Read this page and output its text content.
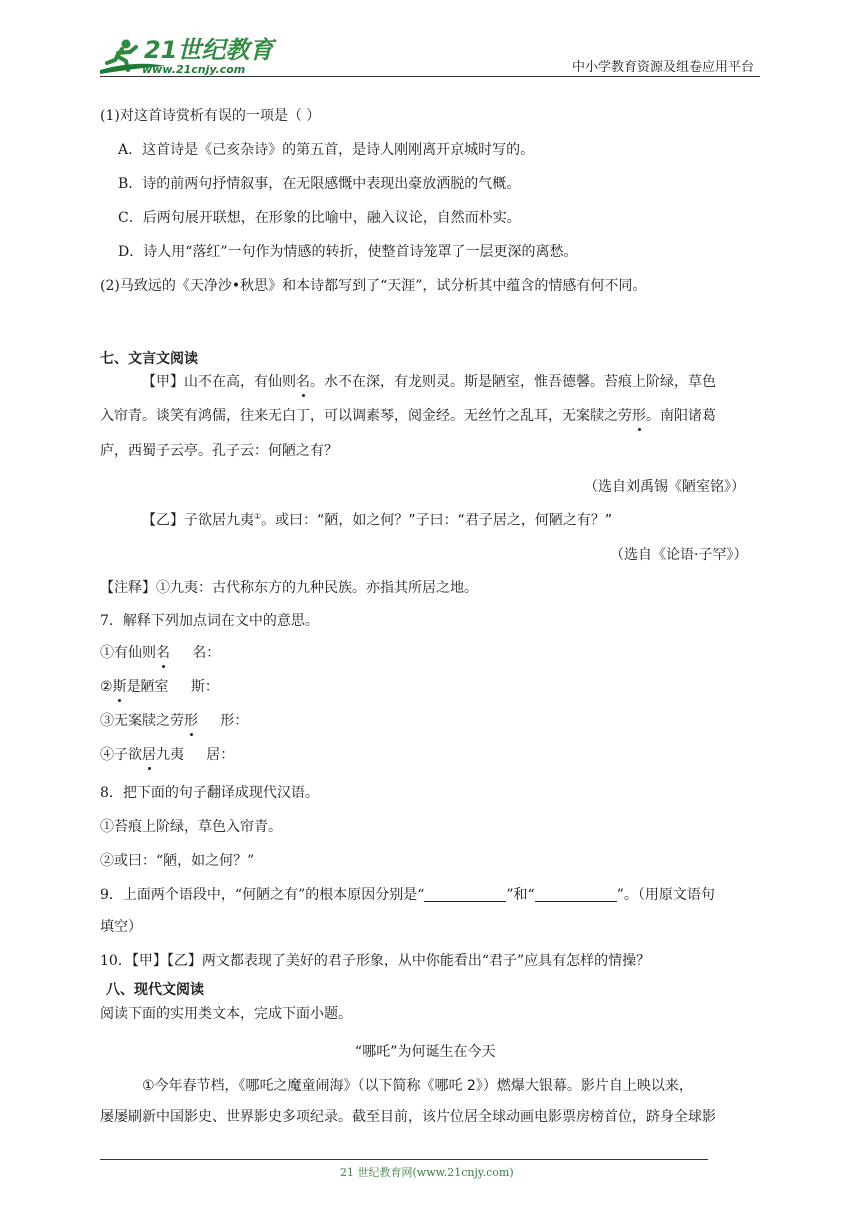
21世纪教育
www.21cnjy.com	中小学教育资源及组卷应用平台
(1)对这首诗赏析有误的一项是（ ）
A．这首诗是《己亥杂诗》的第五首，是诗人刚刚离开京城时写的。
B．诗的前两句抒情叙事，在无限感慨中表现出豪放洒脱的气概。
C．后两句展开联想，在形象的比喻中，融入议论，自然而朴实。
D．诗人用“落红”一句作为情感的转折，使整首诗笼罩了一层更深的离愁。
(2)马致远的《天净沙•秋思》和本诗都写到了“天涯”，试分析其中蕴含的情感有何不同。
七、文言文阅读
【甲】山不在高，有仙则名。水不在深，有龙则灵。斯是陋室，惟吾德馨。苔痕上阶绿，草色
入帘青。谈笑有鸿儒，往来无白丁，可以调素琴，阅金经。无丝竹之乱耳，无案牍之劳形。南阳诸葛
庐，西蜀子云亭。孔子云：何陋之有？
（选自刘禹锡《陋室铭》）
【乙】子欲居九夷①。或曰：“陋，如之何？”子曰：“君子居之，何陋之有？”
（选自《论语·子罕》）
【注释】①九夷：古代称东方的九种民族。亦指其所居之地。
7．解释下列加点词在文中的意思。
①有仙则名     名：
②斯是陋室     斯：
③无案牍之劳形     形：
④子欲居九夷     居：
8．把下面的句子翻译成现代汉语。
①苔痕上阶绿，草色入帘青。
②或曰：“陋，如之何？”
9．上面两个语段中，“何陋之有”的根本原因分别是“	”和“	”。（用原文语句
填空）
10．【甲】【乙】两文都表现了美好的君子形象，从中你能看出“君子”应具有怎样的情操？
八、现代文阅读
阅读下面的实用类文本，完成下面小题。
“哪吒”为何诞生在今天
①今年春节档，《哪吒之魔童闹海》（以下简称《哪吒 2》）燃爆大银幕。影片自上映以来，
屡屡刷新中国影史、世界影史多项纪录。截至目前，该片位居全球动画电影票房榜首位，跻身全球影
21 世纪教育网(www.21cnjy.com)
